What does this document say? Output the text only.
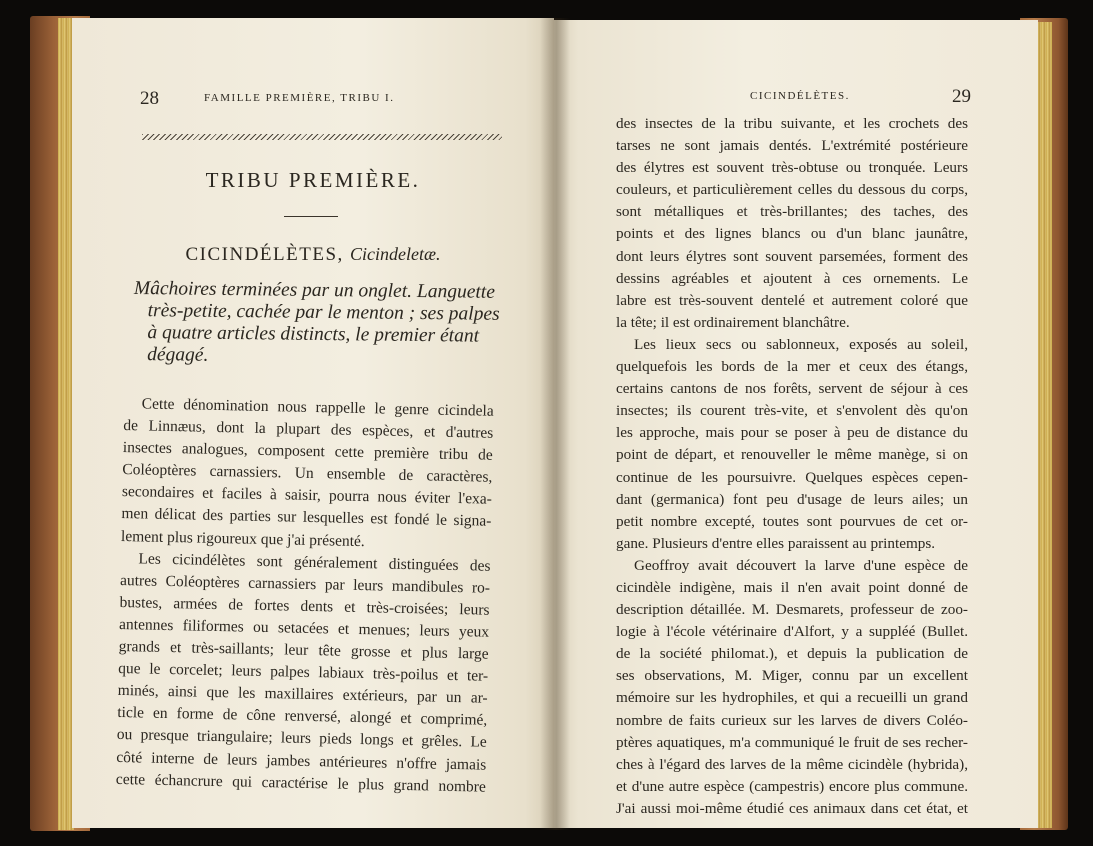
28	FAMILLE PREMIÈRE, TRIBU I.
TRIBU PREMIÈRE.
CICINDÉLÈTES, Cicindeletæ.
Mâchoires terminées par un onglet. Languette
très-petite, cachée par le menton ; ses palpes
à quatre articles distincts, le premier étant
dégagé.
Cette dénomination nous rappelle le genre cicindela
de Linnæus, dont la plupart des espèces, et d'autres
insectes analogues, composent cette première tribu de
Coléoptères carnassiers. Un ensemble de caractères,
secondaires et faciles à saisir, pourra nous éviter l'exa-
men délicat des parties sur lesquelles est fondé le signa-
lement plus rigoureux que j'ai présenté.
Les cicindélètes sont généralement distinguées des
autres Coléoptères carnassiers par leurs mandibules ro-
bustes, armées de fortes dents et très-croisées; leurs
antennes filiformes ou setacées et menues; leurs yeux
grands et très-saillants; leur tête grosse et plus large
que le corcelet; leurs palpes labiaux très-poilus et ter-
minés, ainsi que les maxillaires extérieurs, par un ar-
ticle en forme de cône renversé, alongé et comprimé,
ou presque triangulaire; leurs pieds longs et grêles. Le
côté interne de leurs jambes antérieures n'offre jamais
cette échancrure qui caractérise le plus grand nombre
CICINDÉLÈTES.	29
des insectes de la tribu suivante, et les crochets des
tarses ne sont jamais dentés. L'extrémité postérieure
des élytres est souvent très-obtuse ou tronquée. Leurs
couleurs, et particulièrement celles du dessous du corps,
sont métalliques et très-brillantes; des taches, des
points et des lignes blancs ou d'un blanc jaunâtre,
dont leurs élytres sont souvent parsemées, forment des
dessins agréables et ajoutent à ces ornements. Le
labre est très-souvent dentelé et autrement coloré que
la tête; il est ordinairement blanchâtre.
Les lieux secs ou sablonneux, exposés au soleil,
quelquefois les bords de la mer et ceux des étangs,
certains cantons de nos forêts, servent de séjour à ces
insectes; ils courent très-vite, et s'envolent dès qu'on
les approche, mais pour se poser à peu de distance du
point de départ, et renouveller le même manège, si on
continue de les poursuivre. Quelques espèces cepen-
dant (germanica) font peu d'usage de leurs ailes; un
petit nombre excepté, toutes sont pourvues de cet or-
gane. Plusieurs d'entre elles paraissent au printemps.
Geoffroy avait découvert la larve d'une espèce de
cicindèle indigène, mais il n'en avait point donné de
description détaillée. M. Desmarets, professeur de zoo-
logie à l'école vétérinaire d'Alfort, y a suppléé (Bullet.
de la société philomat.), et depuis la publication de
ses observations, M. Miger, connu par un excellent
mémoire sur les hydrophiles, et qui a recueilli un grand
nombre de faits curieux sur les larves de divers Coléo-
ptères aquatiques, m'a communiqué le fruit de ses recher-
ches à l'égard des larves de la même cicindèle (hybrida),
et d'une autre espèce (campestris) encore plus commune.
J'ai aussi moi-même étudié ces animaux dans cet état, et
